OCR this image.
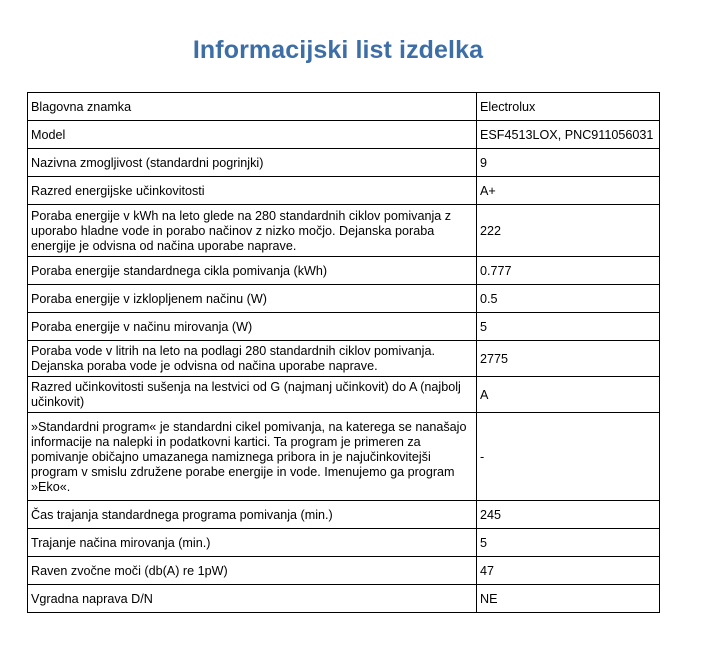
Informacijski list izdelka
Blagovna znamka	Electrolux
Model	ESF4513LOX, PNC911056031
Nazivna zmogljivost (standardni pogrinjki)	9
Razred energijske učinkovitosti	A+
Poraba energije v kWh na leto glede na 280 standardnih ciklov pomivanja z uporabo hladne vode in porabo načinov z nizko močjo. Dejanska poraba energije je odvisna od načina uporabe naprave.	222
Poraba energije standardnega cikla pomivanja (kWh)	0.777
Poraba energije v izklopljenem načinu (W)	0.5
Poraba energije v načinu mirovanja (W)	5
Poraba vode v litrih na leto na podlagi 280 standardnih ciklov pomivanja. Dejanska poraba vode je odvisna od načina uporabe naprave.	2775
Razred učinkovitosti sušenja na lestvici od G (najmanj učinkovit) do A (najbolj učinkovit)	A
»Standardni program« je standardni cikel pomivanja, na katerega se nanašajo informacije na nalepki in podatkovni kartici. Ta program je primeren za pomivanje običajno umazanega namiznega pribora in je najučinkovitejši program v smislu združene porabe energije in vode. Imenujemo ga program »Eko«.	-
Čas trajanja standardnega programa pomivanja (min.)	245
Trajanje načina mirovanja (min.)	5
Raven zvočne moči (db(A) re 1pW)	47
Vgradna naprava D/N	NE
